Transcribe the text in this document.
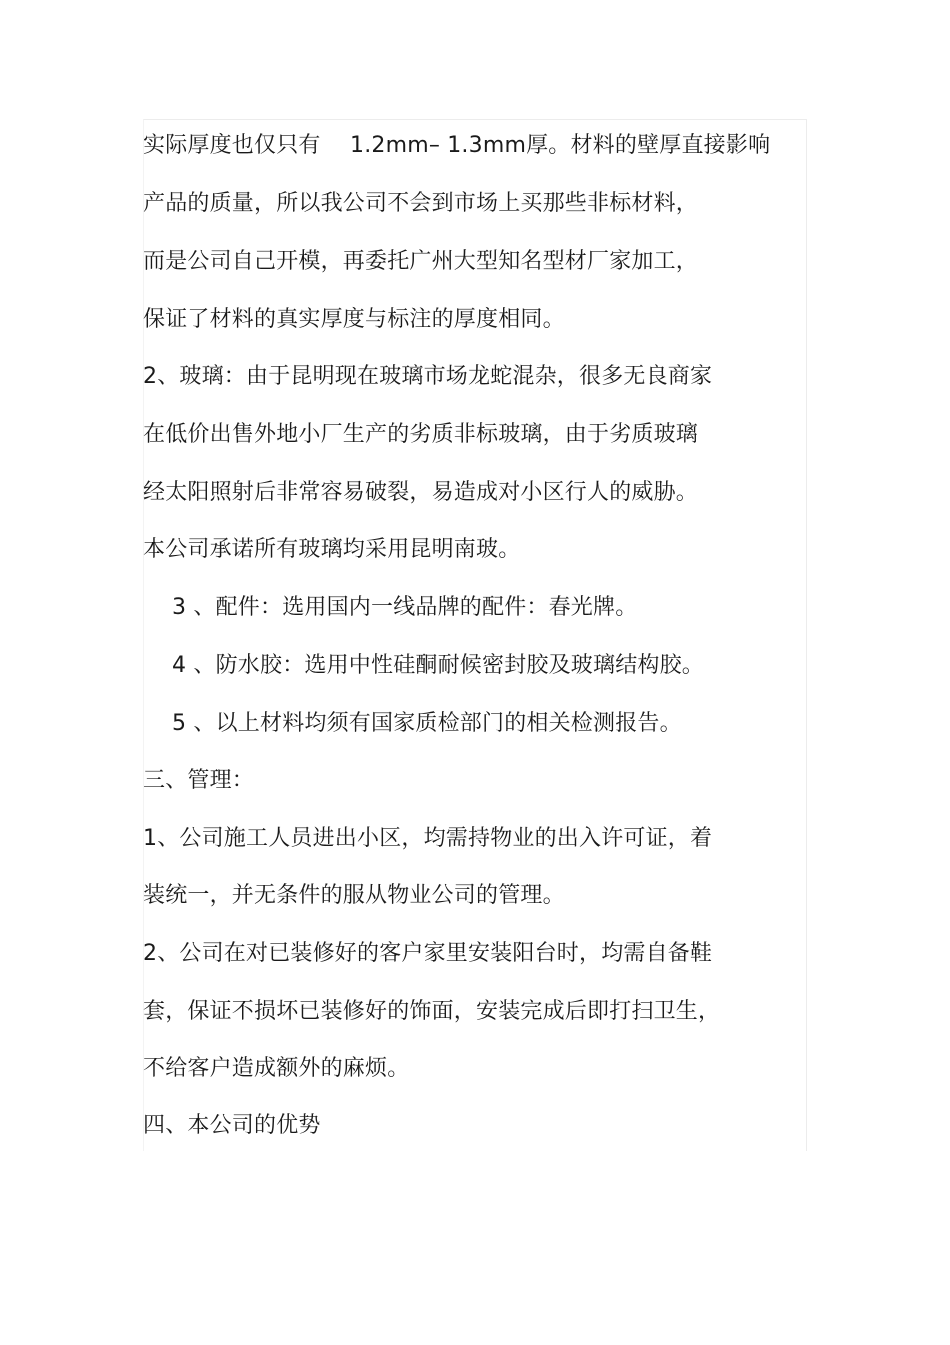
实际厚度也仅只有　 1.2mm– 1.3mm厚。材料的壁厚直接影响
产品的质量，所以我公司不会到市场上买那些非标材料，
而是公司自己开模，再委托广州大型知名型材厂家加工，
保证了材料的真实厚度与标注的厚度相同。
2、玻璃：由于昆明现在玻璃市场龙蛇混杂，很多无良商家
在低价出售外地小厂生产的劣质非标玻璃，由于劣质玻璃
经太阳照射后非常容易破裂，易造成对小区行人的威胁。
本公司承诺所有玻璃均采用昆明南玻。
3 、配件：选用国内一线品牌的配件：春光牌。
4 、防水胶：选用中性硅酮耐候密封胶及玻璃结构胶。
5 、以上材料均须有国家质检部门的相关检测报告。
三、管理：
1、公司施工人员进出小区，均需持物业的出入许可证，着
装统一，并无条件的服从物业公司的管理。
2、公司在对已装修好的客户家里安装阳台时，均需自备鞋
套，保证不损坏已装修好的饰面，安装完成后即打扫卫生，
不给客户造成额外的麻烦。
四、本公司的优势
